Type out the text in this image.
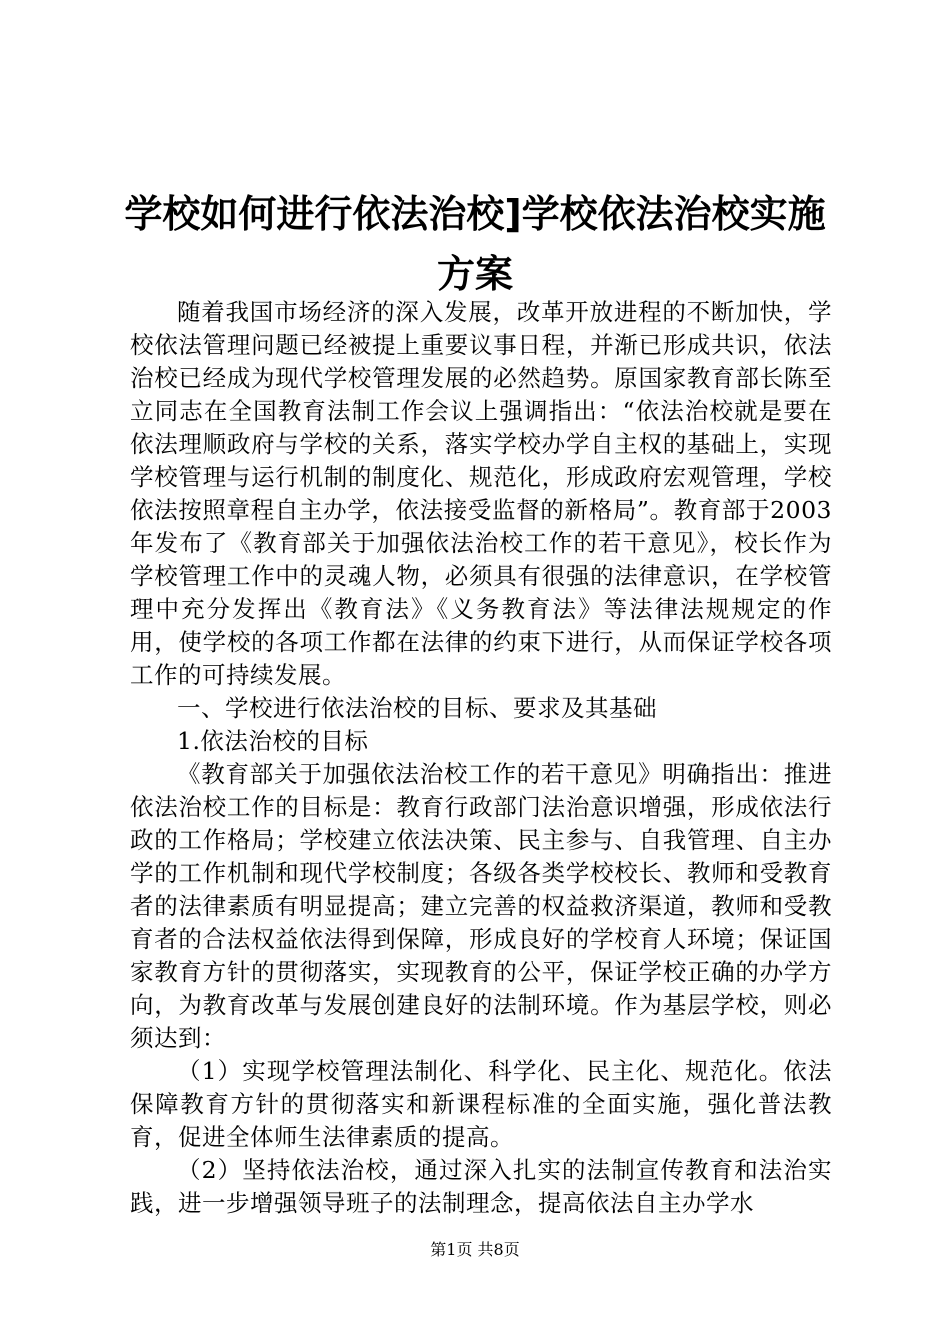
学校如何进行依法治校]学校依法治校实施方案

随着我国市场经济的深入发展，改革开放进程的不断加快，学校依法管理问题已经被提上重要议事日程，并渐已形成共识，依法治校已经成为现代学校管理发展的必然趋势。原国家教育部长陈至立同志在全国教育法制工作会议上强调指出：“依法治校就是要在依法理顺政府与学校的关系，落实学校办学自主权的基础上，实现学校管理与运行机制的制度化、规范化，形成政府宏观管理，学校依法按照章程自主办学，依法接受监督的新格局”。教育部于2003年发布了《教育部关于加强依法治校工作的若干意见》，校长作为学校管理工作中的灵魂人物，必须具有很强的法律意识，在学校管理中充分发挥出《教育法》《义务教育法》等法律法规规定的作用，使学校的各项工作都在法律的约束下进行，从而保证学校各项工作的可持续发展。

一、学校进行依法治校的目标、要求及其基础

1.依法治校的目标

《教育部关于加强依法治校工作的若干意见》明确指出：推进依法治校工作的目标是：教育行政部门法治意识增强，形成依法行政的工作格局；学校建立依法决策、民主参与、自我管理、自主办学的工作机制和现代学校制度；各级各类学校校长、教师和受教育者的法律素质有明显提高；建立完善的权益救济渠道，教师和受教育者的合法权益依法得到保障，形成良好的学校育人环境；保证国家教育方针的贯彻落实，实现教育的公平，保证学校正确的办学方向，为教育改革与发展创建良好的法制环境。作为基层学校，则必须达到：

（1）实现学校管理法制化、科学化、民主化、规范化。依法保障教育方针的贯彻落实和新课程标准的全面实施，强化普法教育，促进全体师生法律素质的提高。

（2）坚持依法治校，通过深入扎实的法制宣传教育和法治实践，进一步增强领导班子的法制理念，提高依法自主办学水

第1页 共8页
